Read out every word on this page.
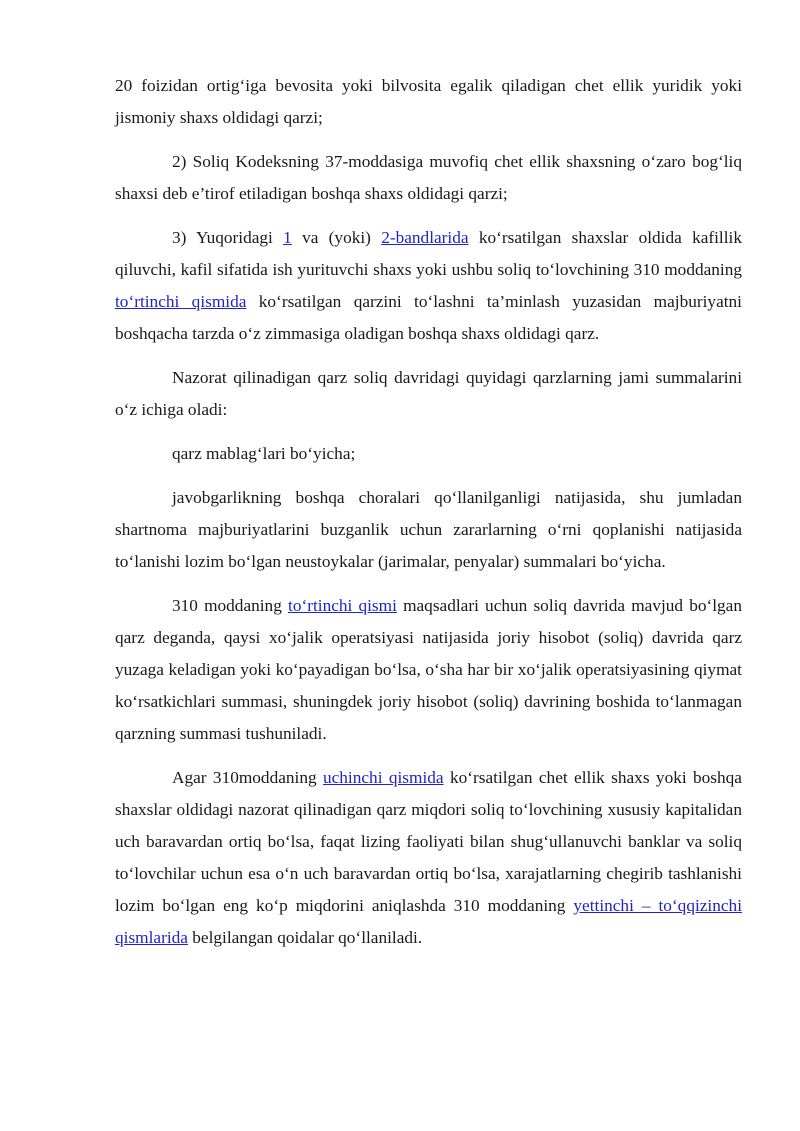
20 foizidan ortig‘iga bevosita yoki bilvosita egalik qiladigan chet ellik yuridik yoki jismoniy shaxs oldidagi qarzi;

2) Soliq Kodeksning 37-moddasiga muvofiq chet ellik shaxsning o‘zaro bog‘liq shaxsi deb e’tirof etiladigan boshqa shaxs oldidagi qarzi;

3) Yuqoridagi 1 va (yoki) 2-bandlarida ko‘rsatilgan shaxslar oldida kafillik qiluvchi, kafil sifatida ish yurituvchi shaxs yoki ushbu soliq to‘lovchining 310 moddaning to‘rtinchi qismida ko‘rsatilgan qarzini to‘lashni ta’minlash yuzasidan majburiyatni boshqacha tarzda o‘z zimmasiga oladigan boshqa shaxs oldidagi qarz.

Nazorat qilinadigan qarz soliq davridagi quyidagi qarzlarning jami summalarini o‘z ichiga oladi:

qarz mablag‘lari bo‘yicha;

javobgarlikning boshqa choralari qo‘llanilganligi natijasida, shu jumladan shartnoma majburiyatlarini buzganlik uchun zararlarning o‘rni qoplanishi natijasida to‘lanishi lozim bo‘lgan neustoykalar (jarimalar, penyalar) summalari bo‘yicha.

310 moddaning to‘rtinchi qismi maqsadlari uchun soliq davrida mavjud bo‘lgan qarz deganda, qaysi xo‘jalik operatsiyasi natijasida joriy hisobot (soliq) davrida qarz yuzaga keladigan yoki ko‘payadigan bo‘lsa, o‘sha har bir xo‘jalik operatsiyasining qiymat ko‘rsatkichlari summasi, shuningdek joriy hisobot (soliq) davrining boshida to‘lanmagan qarzning summasi tushuniladi.

Agar 310moddaning uchinchi qismida ko‘rsatilgan chet ellik shaxs yoki boshqa shaxslar oldidagi nazorat qilinadigan qarz miqdori soliq to‘lovchining xususiy kapitalidan uch baravardan ortiq bo‘lsa, faqat lizing faoliyati bilan shug‘ullanuvchi banklar va soliq to‘lovchilar uchun esa o‘n uch baravardan ortiq bo‘lsa, xarajatlarning chegirib tashlanishi lozim bo‘lgan eng ko‘p miqdorini aniqlashda 310 moddaning yettinchi – to‘qqizinchi qismlarida belgilangan qoidalar qo‘llaniladi.
